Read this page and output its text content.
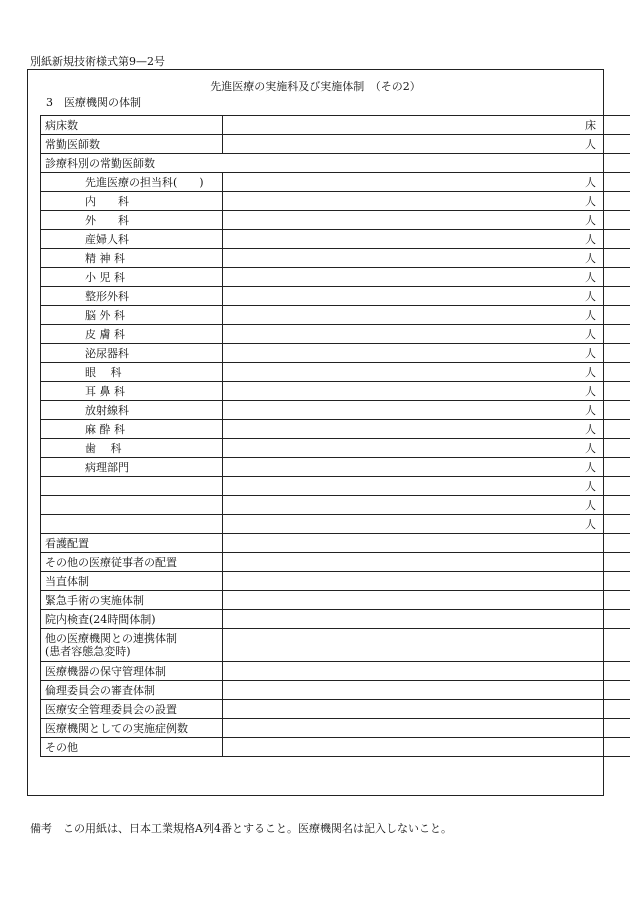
別紙新規技術様式第9—2号
先進医療の実施科及び実施体制　（その2）
3　医療機関の体制
病床数	床
常勤医師数	人
診療科別の常勤医師数	
先進医療の担当科(　　)	人
内　　科	人
外　　科	人
産婦人科	人
精 神 科	人
小 児 科	人
整形外科	人
脳 外 科	人
皮 膚 科	人
泌尿器科	人
眼　 科	人
耳 鼻 科	人
放射線科	人
麻 酔 科	人
歯　 科	人
病理部門	人
	人
	人
	人
看護配置	
その他の医療従事者の配置	
当直体制	
緊急手術の実施体制	
院内検査(24時間体制)	
他の医療機関との連携体制
(患者容態急変時)	
医療機器の保守管理体制	
倫理委員会の審査体制	
医療安全管理委員会の設置	
医療機関としての実施症例数	
その他	
備考　この用紙は、日本工業規格A列4番とすること。医療機関名は記入しないこと。
